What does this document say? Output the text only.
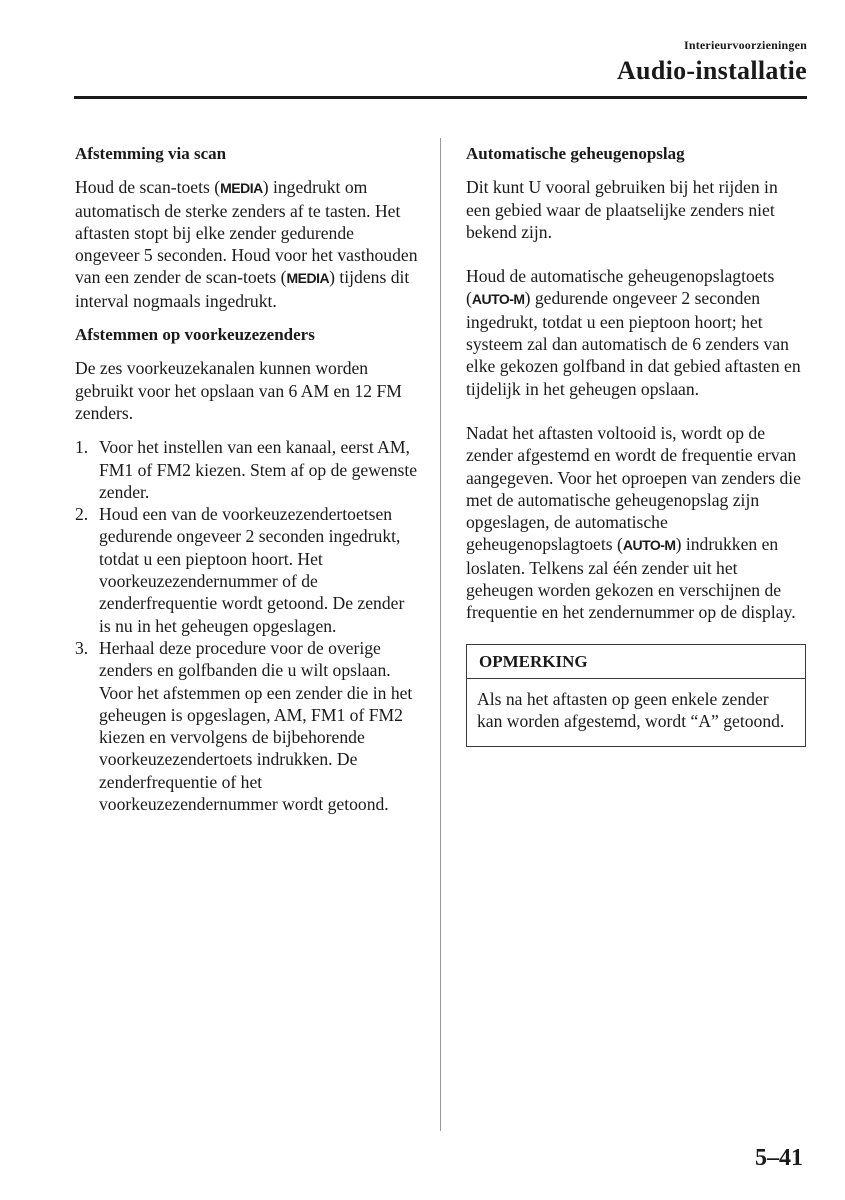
Interieurvoorzieningen
Audio-installatie
Afstemming via scan

Houd de scan-toets (MEDIA) ingedrukt om automatisch de sterke zenders af te tasten. Het aftasten stopt bij elke zender gedurende ongeveer 5 seconden. Houd voor het vasthouden van een zender de scan-toets (MEDIA) tijdens dit interval nogmaals ingedrukt.

Afstemmen op voorkeuzezenders

De zes voorkeuzekanalen kunnen worden gebruikt voor het opslaan van 6 AM en 12 FM zenders.

1. Voor het instellen van een kanaal, eerst AM, FM1 of FM2 kiezen. Stem af op de gewenste zender.
2. Houd een van de voorkeuzezendertoetsen gedurende ongeveer 2 seconden ingedrukt, totdat u een pieptoon hoort. Het voorkeuzezendernummer of de zenderfrequentie wordt getoond. De zender is nu in het geheugen opgeslagen.
3. Herhaal deze procedure voor de overige zenders en golfbanden die u wilt opslaan. Voor het afstemmen op een zender die in het geheugen is opgeslagen, AM, FM1 of FM2 kiezen en vervolgens de bijbehorende voorkeuzezendertoets indrukken. De zenderfrequentie of het voorkeuzezendernummer wordt getoond.
Automatische geheugenopslag

Dit kunt U vooral gebruiken bij het rijden in een gebied waar de plaatselijke zenders niet bekend zijn.

Houd de automatische geheugenopslagtoets (AUTO-M) gedurende ongeveer 2 seconden ingedrukt, totdat u een pieptoon hoort; het systeem zal dan automatisch de 6 zenders van elke gekozen golfband in dat gebied aftasten en tijdelijk in het geheugen opslaan.

Nadat het aftasten voltooid is, wordt op de zender afgestemd en wordt de frequentie ervan aangegeven. Voor het oproepen van zenders die met de automatische geheugenopslag zijn opgeslagen, de automatische geheugenopslagtoets (AUTO-M) indrukken en loslaten. Telkens zal één zender uit het geheugen worden gekozen en verschijnen de frequentie en het zendernummer op de display.

OPMERKING
Als na het aftasten op geen enkele zender kan worden afgestemd, wordt “A” getoond.
5–41
